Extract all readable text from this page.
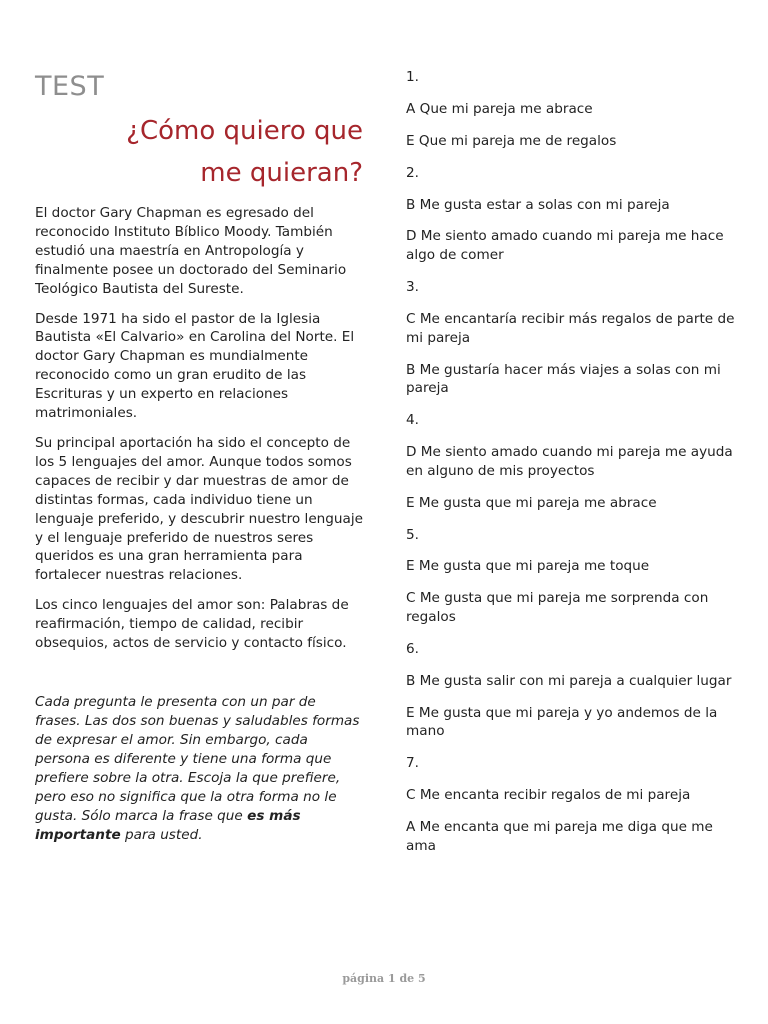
TEST
¿Cómo quiero que
me quieran?

El doctor Gary Chapman es egresado del reconocido Instituto Bíblico Moody. También estudió una maestría en Antropología y finalmente posee un doctorado del Seminario Teológico Bautista del Sureste.

Desde 1971 ha sido el pastor de la Iglesia Bautista «El Calvario» en Carolina del Norte. El doctor Gary Chapman es mundialmente reconocido como un gran erudito de las Escrituras y un experto en relaciones matrimoniales.

Su principal aportación ha sido el concepto de los 5 lenguajes del amor. Aunque todos somos capaces de recibir y dar muestras de amor de distintas formas, cada individuo tiene un lenguaje preferido, y descubrir nuestro lenguaje y el lenguaje preferido de nuestros seres queridos es una gran herramienta para fortalecer nuestras relaciones.

Los cinco lenguajes del amor son: Palabras de reafirmación, tiempo de calidad, recibir obsequios, actos de servicio y contacto físico.

Cada pregunta le presenta con un par de frases. Las dos son buenas y saludables formas de expresar el amor. Sin embargo, cada persona es diferente y tiene una forma que prefiere sobre la otra. Escoja la que prefiere, pero eso no significa que la otra forma no le gusta. Sólo marca la frase que es más importante para usted.

1.

A Que mi pareja me abrace

E Que mi pareja me de regalos

2.

B Me gusta estar a solas con mi pareja

D Me siento amado cuando mi pareja me hace algo de comer

3.

C Me encantaría recibir más regalos de parte de mi pareja

B Me gustaría hacer más viajes a solas con mi pareja

4.

D Me siento amado cuando mi pareja me ayuda en alguno de mis proyectos

E Me gusta que mi pareja me abrace

5.

E Me gusta que mi pareja me toque

C Me gusta que mi pareja me sorprenda con regalos

6.

B Me gusta salir con mi pareja a cualquier lugar

E Me gusta que mi pareja y yo andemos de la mano

7.

C Me encanta recibir regalos de mi pareja

A Me encanta que mi pareja me diga que me ama

página 1 de 5
